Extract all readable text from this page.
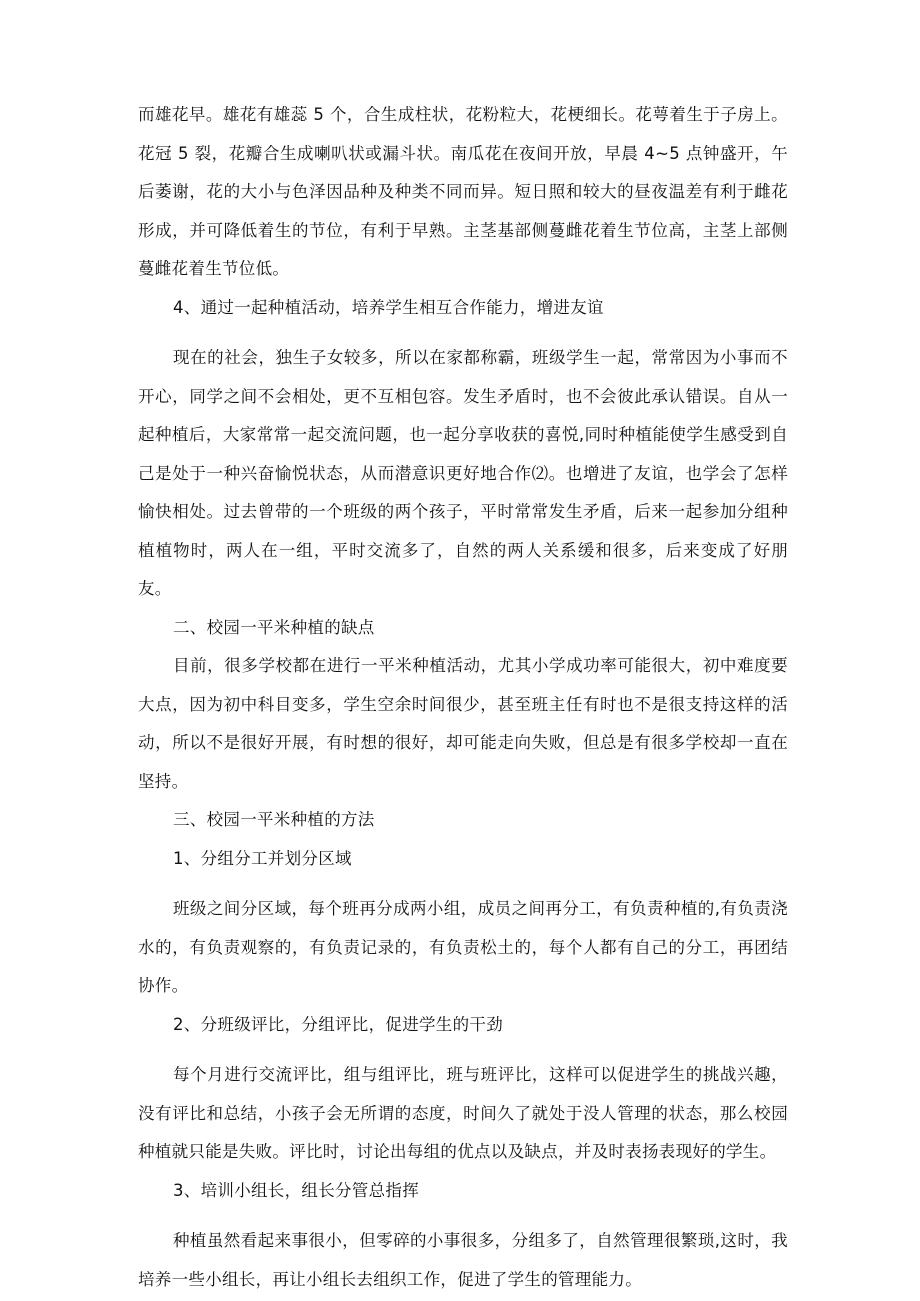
而雄花早。雄花有雄蕊 5 个，合生成柱状，花粉粒大，花梗细长。花萼着生于子房上。花冠 5 裂，花瓣合生成喇叭状或漏斗状。南瓜花在夜间开放，早晨 4~5 点钟盛开，午后萎谢，花的大小与色泽因品种及种类不同而异。短日照和较大的昼夜温差有利于雌花形成，并可降低着生的节位，有利于早熟。主茎基部侧蔓雌花着生节位高，主茎上部侧蔓雌花着生节位低。

4、通过一起种植活动，培养学生相互合作能力，增进友谊

现在的社会，独生子女较多，所以在家都称霸，班级学生一起，常常因为小事而不开心，同学之间不会相处，更不互相包容。发生矛盾时，也不会彼此承认错误。自从一起种植后，大家常常一起交流问题，也一起分享收获的喜悦,同时种植能使学生感受到自己是处于一种兴奋愉悦状态，从而潜意识更好地合作⑵。也增进了友谊，也学会了怎样愉快相处。过去曾带的一个班级的两个孩子，平时常常发生矛盾，后来一起参加分组种植植物时，两人在一组，平时交流多了，自然的两人关系缓和很多，后来变成了好朋友。

二、校园一平米种植的缺点

目前，很多学校都在进行一平米种植活动，尤其小学成功率可能很大，初中难度要大点，因为初中科目变多，学生空余时间很少，甚至班主任有时也不是很支持这样的活动，所以不是很好开展，有时想的很好，却可能走向失败，但总是有很多学校却一直在坚持。

三、校园一平米种植的方法

1、分组分工并划分区域

班级之间分区域，每个班再分成两小组，成员之间再分工，有负责种植的,有负责浇水的，有负责观察的，有负责记录的，有负责松土的，每个人都有自己的分工，再团结协作。

2、分班级评比，分组评比，促进学生的干劲

每个月进行交流评比，组与组评比，班与班评比，这样可以促进学生的挑战兴趣，没有评比和总结，小孩子会无所谓的态度，时间久了就处于没人管理的状态，那么校园种植就只能是失败。评比时，讨论出每组的优点以及缺点，并及时表扬表现好的学生。

3、培训小组长，组长分管总指挥

种植虽然看起来事很小，但零碎的小事很多，分组多了，自然管理很繁琐,这时，我培养一些小组长，再让小组长去组织工作，促进了学生的管理能力。
